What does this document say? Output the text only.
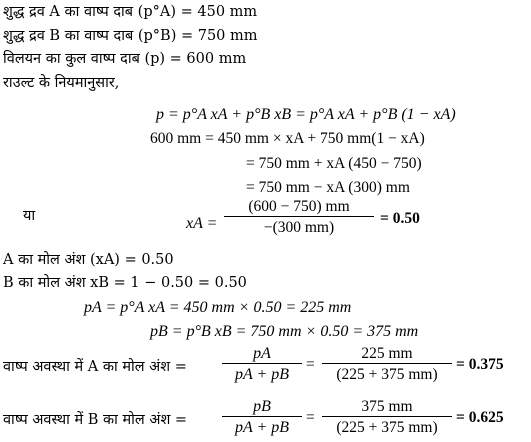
शुद्ध द्रव A का वाष्प दाब (p°A) = 450 mm
शुद्ध द्रव B का वाष्प दाब (p°B) = 750 mm
विलयन का कुल वाष्प दाब (p) = 600 mm
राउल्ट के नियमानुसार,
p = p°A xA + p°B xB = p°A xA + p°B (1 − xA)
600 mm = 450 mm × xA + 750 mm(1 − xA)
= 750 mm + xA (450 − 750)
= 750 mm − xA (300) mm
या	xA =
(600 − 750) mm
−(300 mm)
= 0.50
A का मोल अंश (xA) = 0.50
B का मोल अंश xB = 1 − 0.50 = 0.50
pA = p°A xA = 450 mm × 0.50 = 225 mm
pB = p°B xB = 750 mm × 0.50 = 375 mm
वाष्प अवस्था में A का मोल अंश =
pA
pA + pB
=
225 mm
(225 + 375 mm)
= 0.375
वाष्प अवस्था में B का मोल अंश =
pB
pA + pB
=
375 mm
(225 + 375 mm)
= 0.625
